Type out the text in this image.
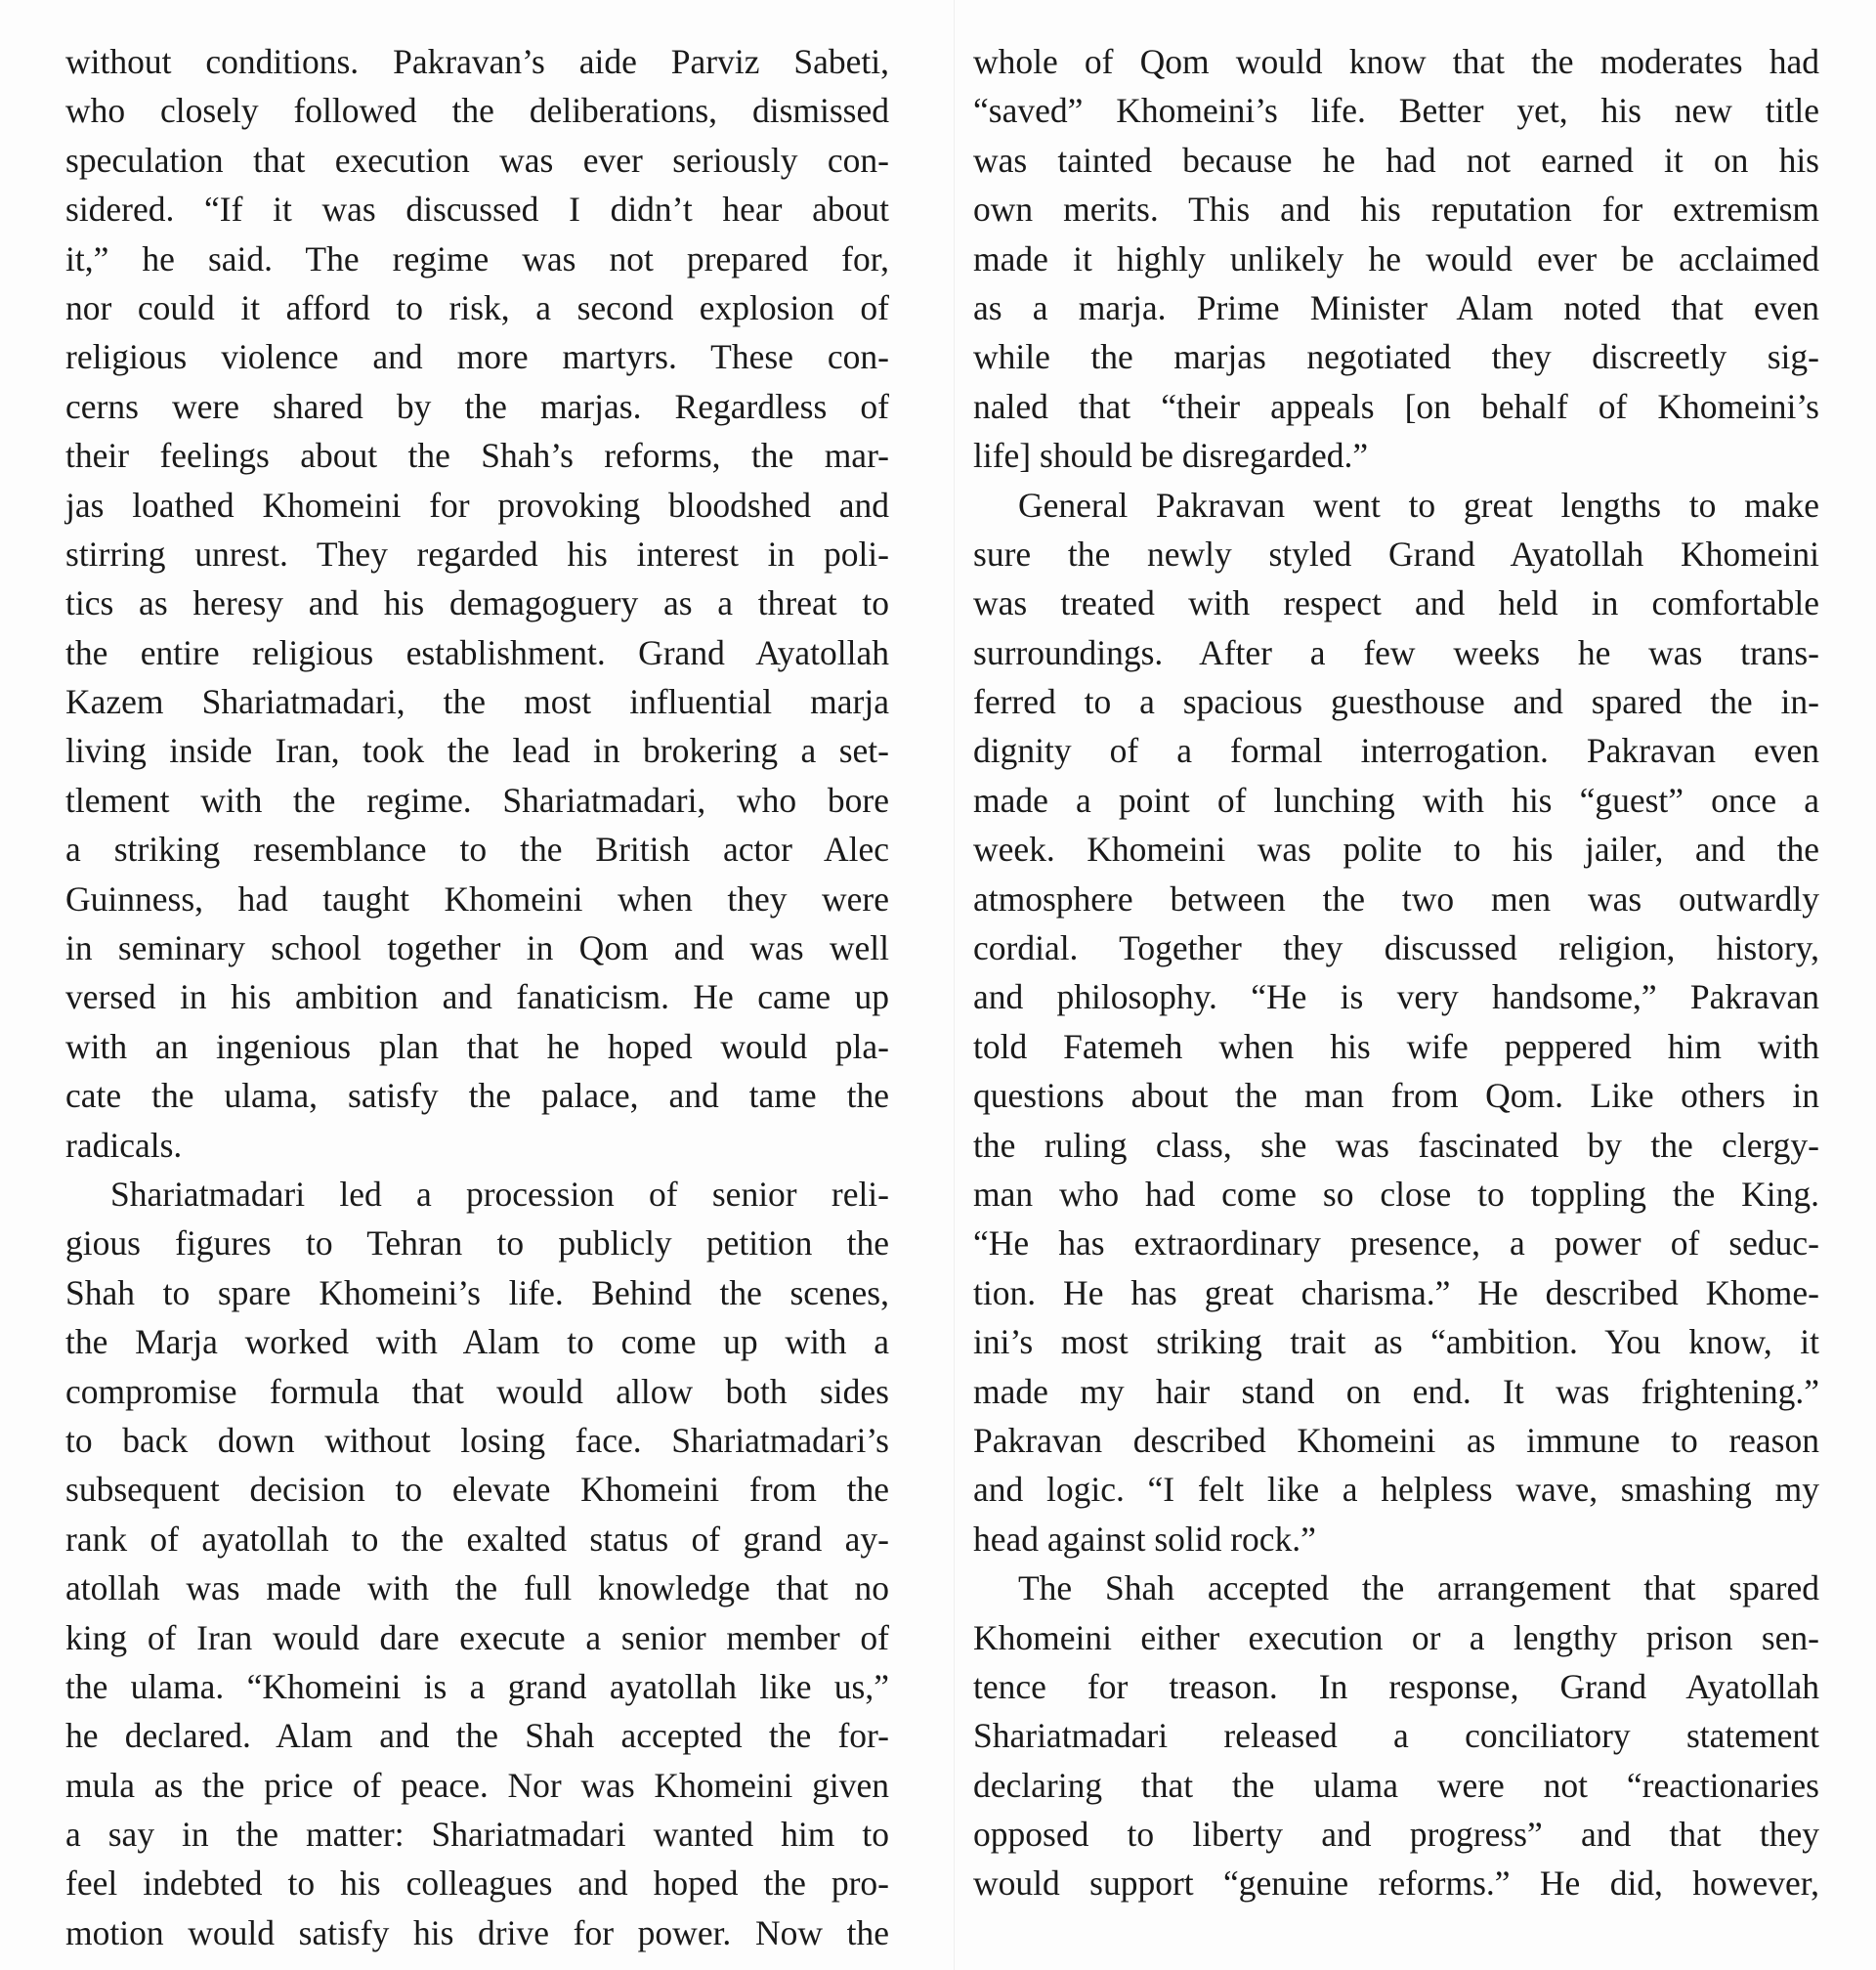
without conditions. Pakravan’s aide Parviz Sabeti,
who closely followed the deliberations, dismissed
speculation that execution was ever seriously con-
sidered. “If it was discussed I didn’t hear about
it,” he said. The regime was not prepared for,
nor could it afford to risk, a second explosion of
religious violence and more martyrs. These con-
cerns were shared by the marjas. Regardless of
their feelings about the Shah’s reforms, the mar-
jas loathed Khomeini for provoking bloodshed and
stirring unrest. They regarded his interest in poli-
tics as heresy and his demagoguery as a threat to
the entire religious establishment. Grand Ayatollah
Kazem Shariatmadari, the most influential marja
living inside Iran, took the lead in brokering a set-
tlement with the regime. Shariatmadari, who bore
a striking resemblance to the British actor Alec
Guinness, had taught Khomeini when they were
in seminary school together in Qom and was well
versed in his ambition and fanaticism. He came up
with an ingenious plan that he hoped would pla-
cate the ulama, satisfy the palace, and tame the
radicals.
Shariatmadari led a procession of senior reli-
gious figures to Tehran to publicly petition the
Shah to spare Khomeini’s life. Behind the scenes,
the Marja worked with Alam to come up with a
compromise formula that would allow both sides
to back down without losing face. Shariatmadari’s
subsequent decision to elevate Khomeini from the
rank of ayatollah to the exalted status of grand ay-
atollah was made with the full knowledge that no
king of Iran would dare execute a senior member of
the ulama. “Khomeini is a grand ayatollah like us,”
he declared. Alam and the Shah accepted the for-
mula as the price of peace. Nor was Khomeini given
a say in the matter: Shariatmadari wanted him to
feel indebted to his colleagues and hoped the pro-
motion would satisfy his drive for power. Now the
whole of Qom would know that the moderates had
“saved” Khomeini’s life. Better yet, his new title
was tainted because he had not earned it on his
own merits. This and his reputation for extremism
made it highly unlikely he would ever be acclaimed
as a marja. Prime Minister Alam noted that even
while the marjas negotiated they discreetly sig-
naled that “their appeals [on behalf of Khomeini’s
life] should be disregarded.”
General Pakravan went to great lengths to make
sure the newly styled Grand Ayatollah Khomeini
was treated with respect and held in comfortable
surroundings. After a few weeks he was trans-
ferred to a spacious guesthouse and spared the in-
dignity of a formal interrogation. Pakravan even
made a point of lunching with his “guest” once a
week. Khomeini was polite to his jailer, and the
atmosphere between the two men was outwardly
cordial. Together they discussed religion, history,
and philosophy. “He is very handsome,” Pakravan
told Fatemeh when his wife peppered him with
questions about the man from Qom. Like others in
the ruling class, she was fascinated by the clergy-
man who had come so close to toppling the King.
“He has extraordinary presence, a power of seduc-
tion. He has great charisma.” He described Khome-
ini’s most striking trait as “ambition. You know, it
made my hair stand on end. It was frightening.”
Pakravan described Khomeini as immune to reason
and logic. “I felt like a helpless wave, smashing my
head against solid rock.”
The Shah accepted the arrangement that spared
Khomeini either execution or a lengthy prison sen-
tence for treason. In response, Grand Ayatollah
Shariatmadari released a conciliatory statement
declaring that the ulama were not “reactionaries
opposed to liberty and progress” and that they
would support “genuine reforms.” He did, however,
